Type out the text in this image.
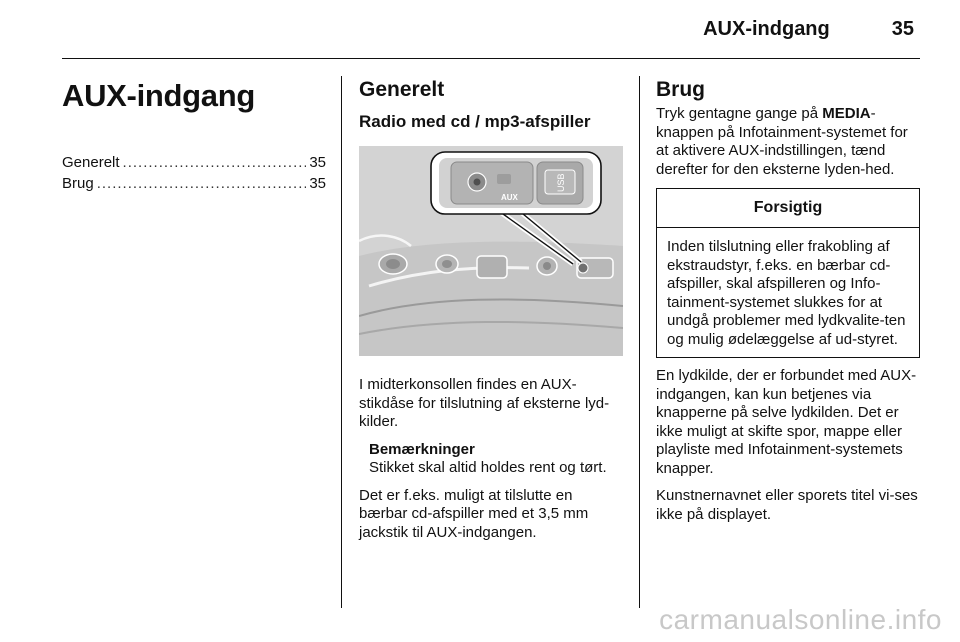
AUX-indgang	35
AUX-indgang
Generelt .....	35
Brug .....	35
Generelt
Radio med cd / mp3-afspiller
AUX
USB

I midterkonsollen findes en AUX-stikdåse for tilslutning af eksterne lyd-kilder.

Bemærkninger

Stikket skal altid holdes rent og tørt.

Det er f.eks. muligt at tilslutte en bærbar cd-afspiller med et 3,5 mm jackstik til AUX-indgangen.

Brug

Tryk gentagne gange på MEDIA-knappen på Infotainment-systemet for at aktivere AUX-indstillingen, tænd derefter for den eksterne lyden-hed.

Forsigtig
Inden tilslutning eller frakobling af ekstraudstyr, f.eks. en bærbar cd-afspiller, skal afspilleren og Info-tainment-systemet slukkes for at undgå problemer med lydkvalite-ten og mulig ødelæggelse af ud-styret.

En lydkilde, der er forbundet med AUX-indgangen, kan kun betjenes via knapperne på selve lydkilden. Det er ikke muligt at skifte spor, mappe eller playliste med Infotainment-systemets knapper.

Kunstnernavnet eller sporets titel vi-ses ikke på displayet.

carmanualsonline.info
